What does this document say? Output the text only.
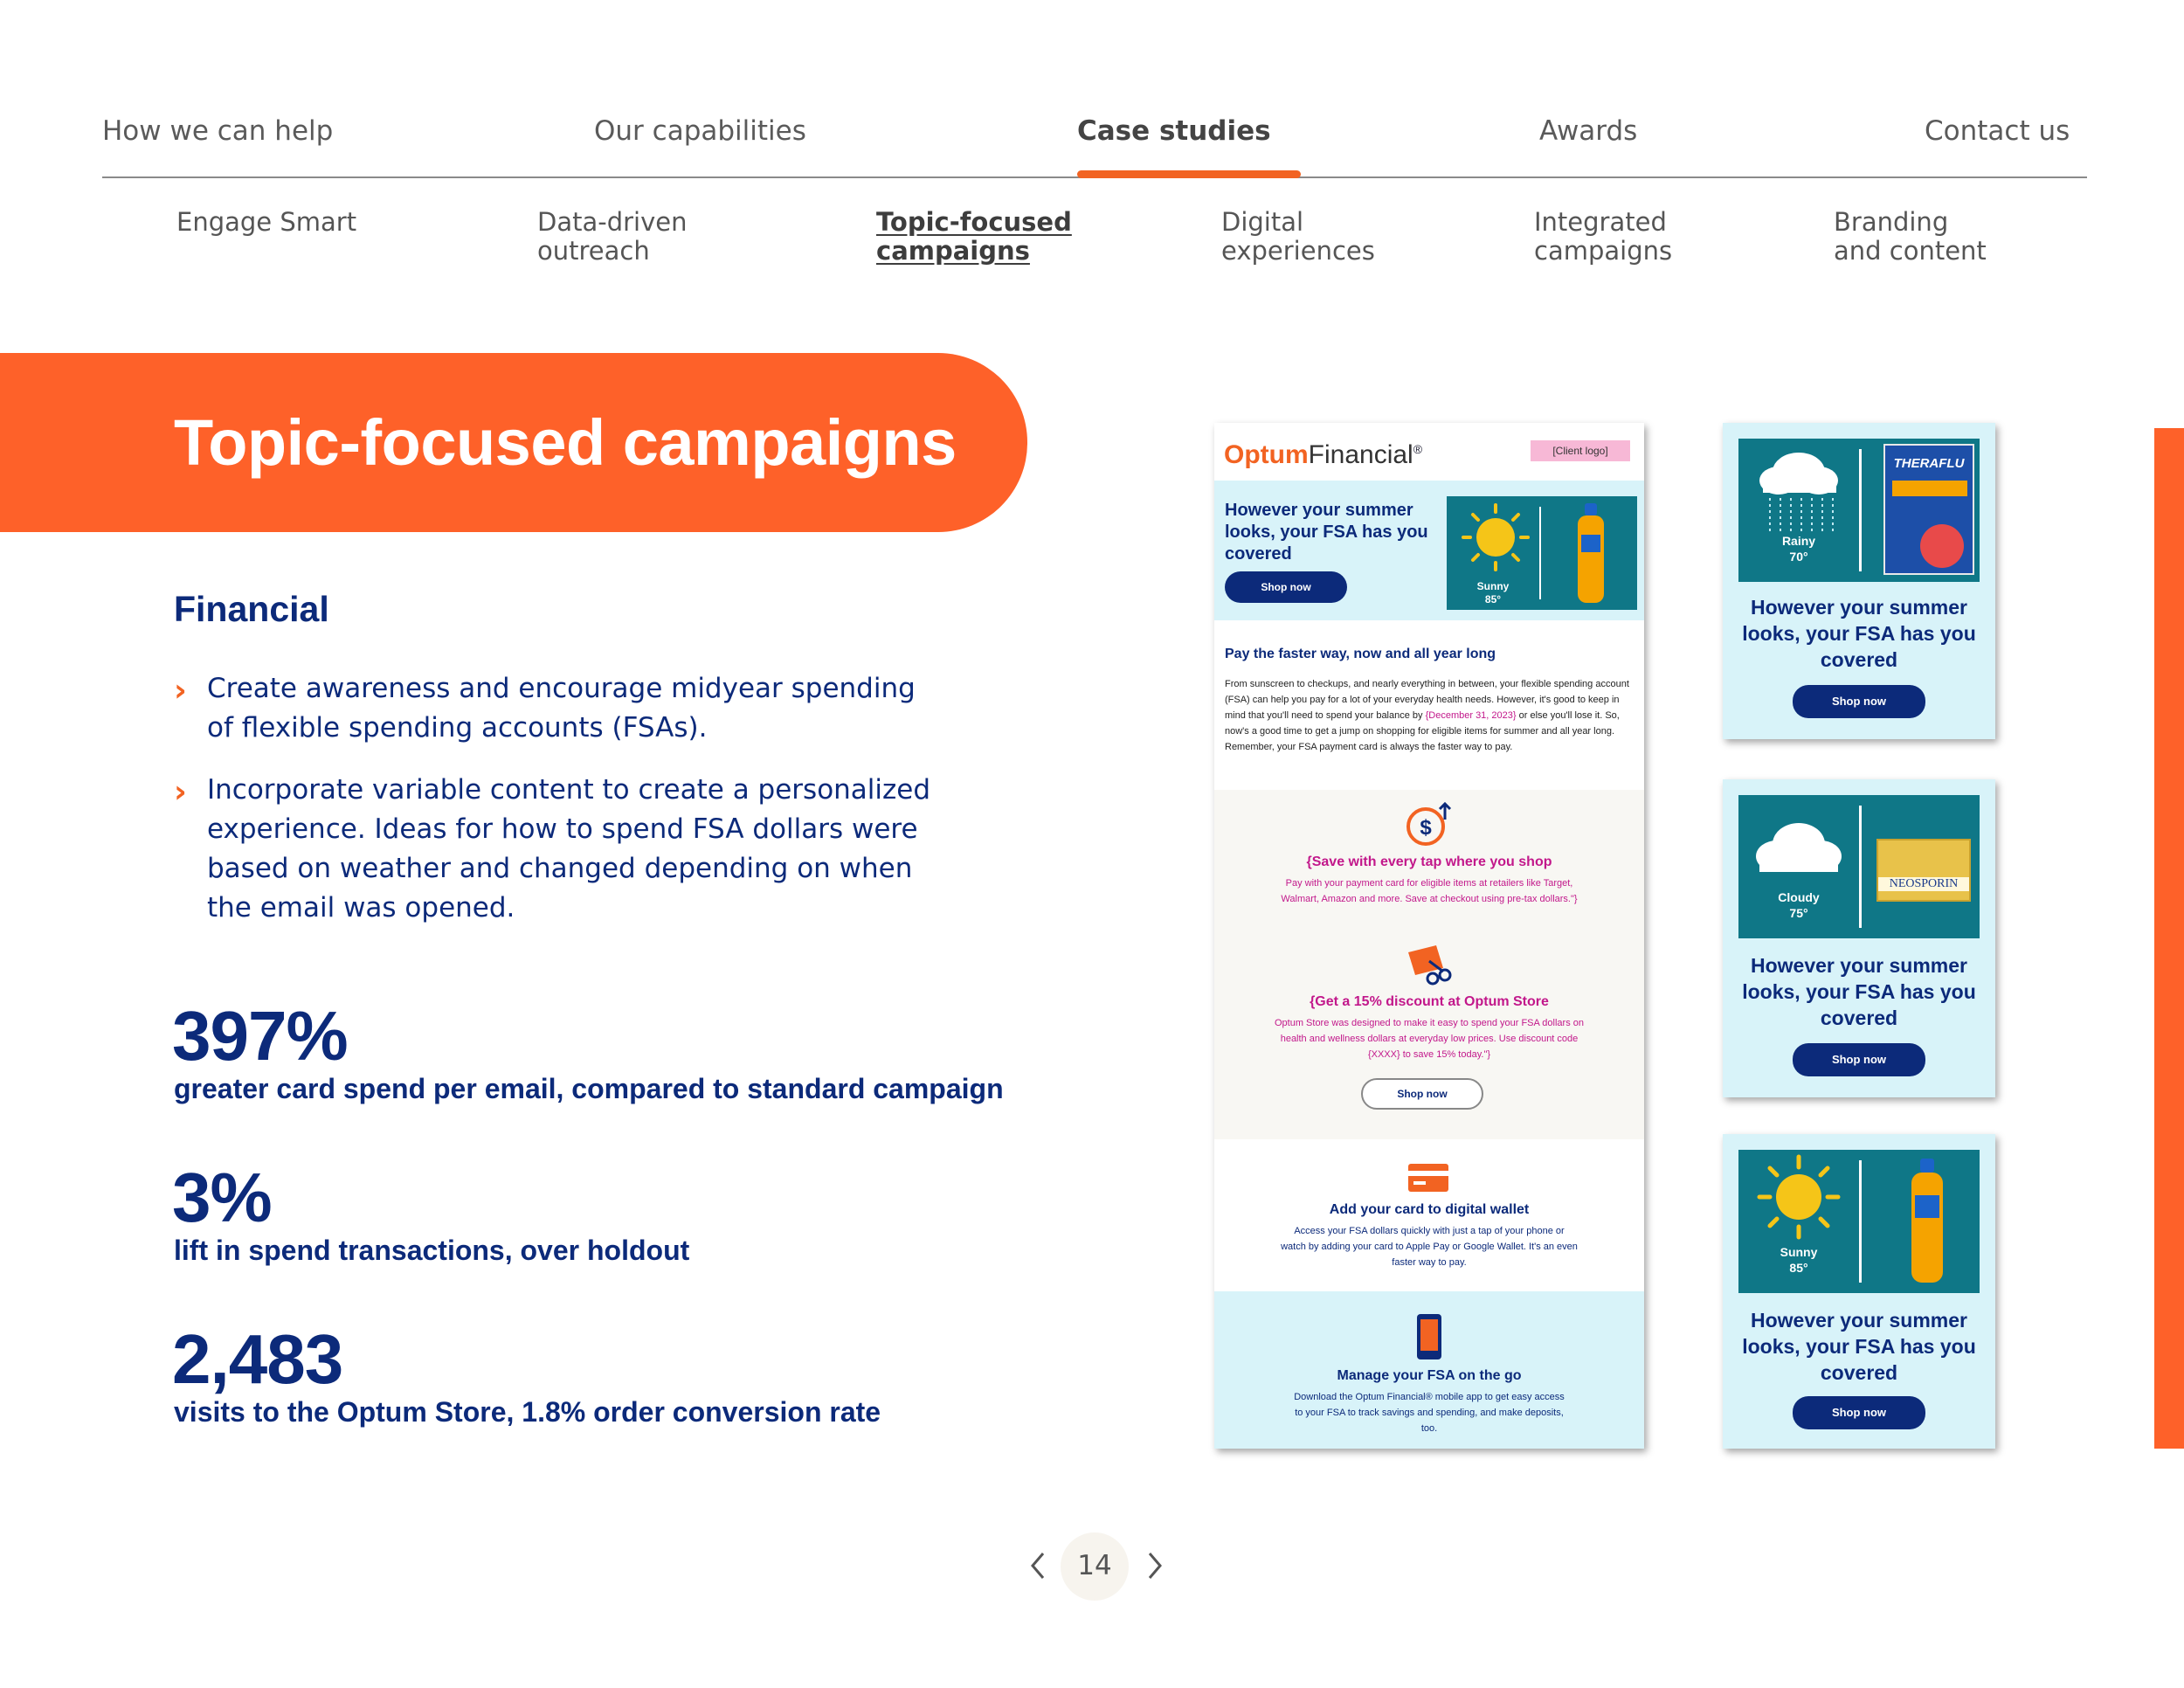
How we can help	Our capabilities	Case studies	Awards	Contact us
Engage Smart	Data-driven
outreach
Topic-focused
campaigns
Digital
experiences
Integrated
campaigns
Branding
and content
Topic-focused campaigns
Financial
› Create awareness and encourage midyear spending of flexible spending accounts (FSAs).
› Incorporate variable content to create a personalized experience. Ideas for how to spend FSA dollars were based on weather and changed depending on when the email was opened.
397%
greater card spend per email, compared to standard campaign
3%
lift in spend transactions, over holdout
2,483
visits to the Optum Store, 1.8% order conversion rate
OptumFinancial®	[Client logo]
However your summer looks, your FSA has you covered
Shop now	Sunny
85°
Pay the faster way, now and all year long
From sunscreen to checkups, and nearly everything in between, your flexible spending account (FSA) can help you pay for a lot of your everyday health needs. However, it's good to keep in mind that you'll need to spend your balance by {December 31, 2023} or else you'll lose it. So, now's a good time to get a jump on shopping for eligible items for summer and all year long. Remember, your FSA payment card is always the faster way to pay.
$
{Save with every tap where you shop
Pay with your payment card for eligible items at retailers like Target, Walmart, Amazon and more. Save at checkout using pre-tax dollars."}
{Get a 15% discount at Optum Store
Optum Store was designed to make it easy to spend your FSA dollars on health and wellness dollars at everyday low prices. Use discount code {XXXX} to save 15% today."}
Shop now
Add your card to digital wallet
Access your FSA dollars quickly with just a tap of your phone or watch by adding your card to Apple Pay or Google Wallet. It's an even faster way to pay.
Manage your FSA on the go
Download the Optum Financial® mobile app to get easy access to your FSA to track savings and spending, and make deposits, too.
Rainy
70°
THERAFLU
However your summer looks, your FSA has you covered
Shop now
Cloudy
75°
NEOSPORIN
However your summer looks, your FSA has you covered
Shop now
Sunny
85°
However your summer looks, your FSA has you covered
Shop now
14
